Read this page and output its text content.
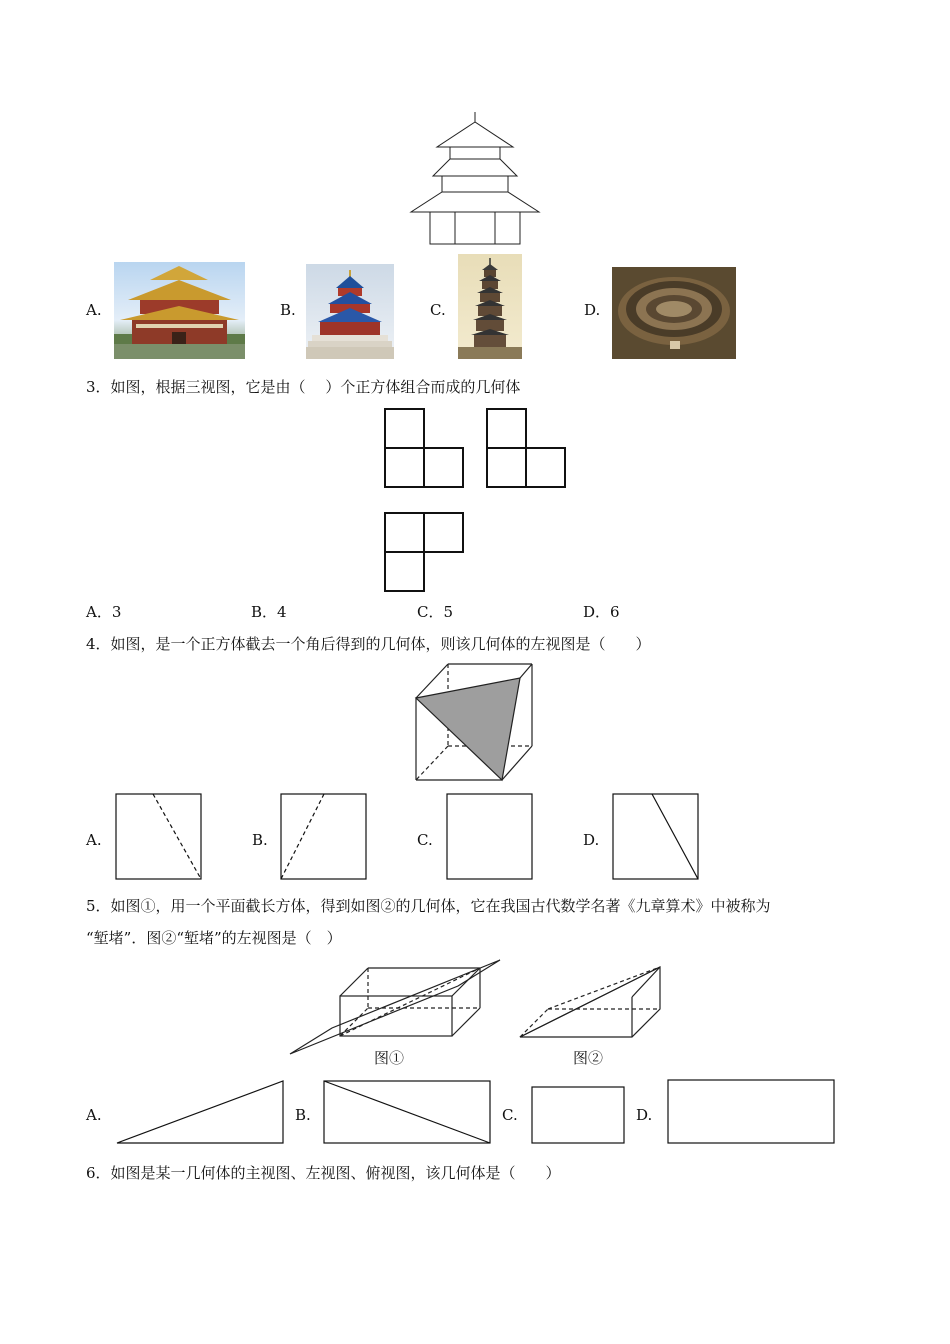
A.	B.	C.	D.
3．如图，根据三视图，它是由（　 ）个正方体组合而成的几何体
A．3	B．4	C．5	D．6
4．如图，是一个正方体截去一个角后得到的几何体，则该几何体的左视图是（　　）
A.	B.	C.	D.
5．如图①，用一个平面截长方体，得到如图②的几何体，它在我国古代数学名著《九章算术》中被称为
“堑堵”．图②“堑堵”的左视图是（　）
图①	图②
A.	B.	C.	D.
6．如图是某一几何体的主视图、左视图、俯视图，该几何体是（　　）
